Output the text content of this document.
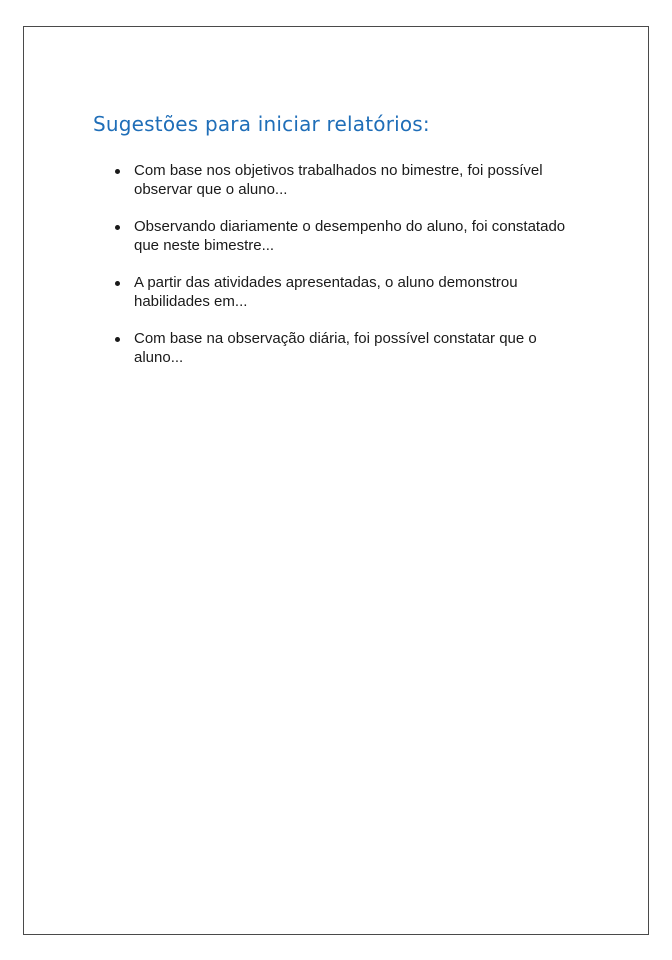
Sugestões para iniciar relatórios:
Com base nos objetivos trabalhados no bimestre, foi possível observar que o aluno...
Observando diariamente o desempenho do aluno, foi constatado que neste bimestre...
A partir das atividades apresentadas, o aluno demonstrou habilidades em...
Com base na observação diária, foi possível constatar que o aluno...
